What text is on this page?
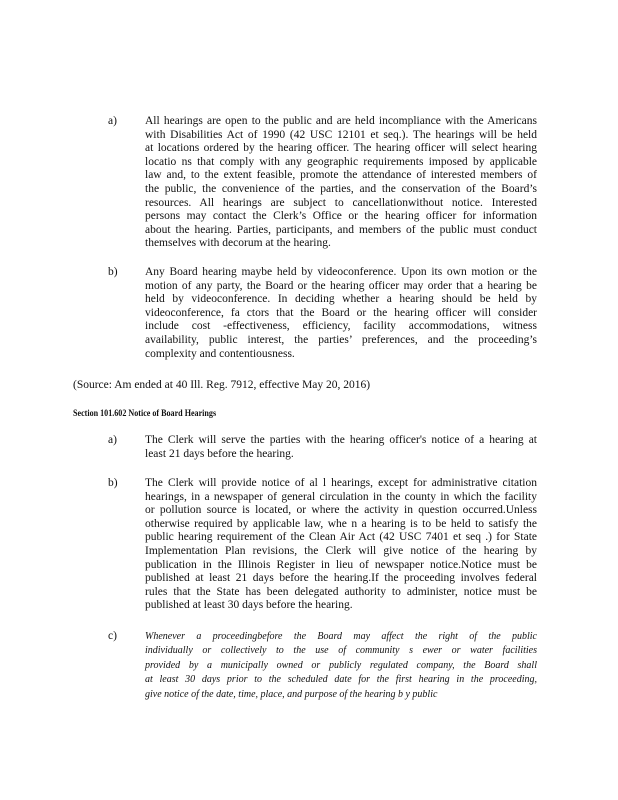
a) All hearings are open to the public and are held incompliance with the Americans
with Disabilities Act of 1990 (42 USC 12101 et seq.). The hearings will be held
at locations ordered by the hearing officer. The hearing officer will select hearing
locatio ns that comply with any geographic requirements imposed by applicable
law and, to the extent feasible, promote the attendance of interested members of
the public, the convenience of the parties, and the conservation of the Board’s
resources. All hearings are subject to cancellationwithout notice. Interested
persons may contact the Clerk’s Office or the hearing officer for information
about the hearing. Parties, participants, and members of the public must conduct
themselves with decorum at the hearing.
b) Any Board hearing maybe held by videoconference. Upon its own motion or the
motion of any party, the Board or the hearing officer may order that a hearing be
held by videoconference. In deciding whether a hearing should be held by
videoconference, fa ctors that the Board or the hearing officer will consider
include cost -effectiveness, efficiency, facility accommodations, witness
availability, public interest, the parties’ preferences, and the proceeding’s
complexity and contentiousness.
(Source: Am ended at 40 Ill. Reg. 7912, effective May 20, 2016)
Section 101.602 Notice of Board Hearings
a) The Clerk will serve the parties with the hearing officer's notice of a hearing at
least 21 days before the hearing.
b) The Clerk will provide notice of al l hearings, except for administrative citation
hearings, in a newspaper of general circulation in the county in which the facility
or pollution source is located, or where the activity in question occurred.Unless
otherwise required by applicable law, whe n a hearing is to be held to satisfy the
public hearing requirement of the Clean Air Act (42 USC 7401 et seq .) for State
Implementation Plan revisions, the Clerk will give notice of the hearing by
publication in the Illinois Register in lieu of newspaper notice.Notice must be
published at least 21 days before the hearing.If the proceeding involves federal
rules that the State has been delegated authority to administer, notice must be
published at least 30 days before the hearing.
c)	Whenever a proceedingbefore the Board may affect the right of the public
individually or collectively to the use of community s ewer or water facilities
provided by a municipally owned or publicly regulated company, the Board shall
at least 30 days prior to the scheduled date for the first hearing in the proceeding,
give notice of the date, time, place, and purpose of the hearing b y public
